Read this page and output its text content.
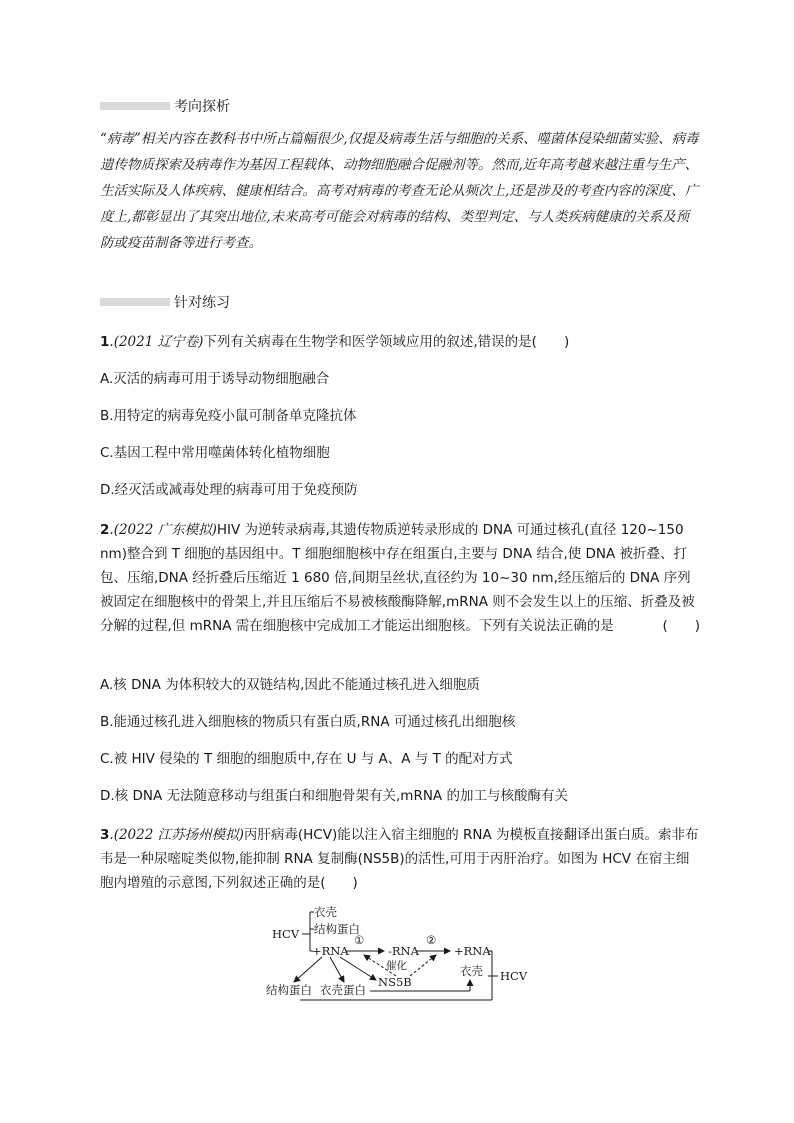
考向探析

“病毒”相关内容在教科书中所占篇幅很少,仅提及病毒生活与细胞的关系、噬菌体侵染细菌实验、病毒遗传物质探索及病毒作为基因工程载体、动物细胞融合促融剂等。然而,近年高考越来越注重与生产、生活实际及人体疾病、健康相结合。高考对病毒的考查无论从频次上,还是涉及的考查内容的深度、广度上,都彰显出了其突出地位,未来高考可能会对病毒的结构、类型判定、与人类疾病健康的关系及预防或疫苗制备等进行考查。

针对练习

1.(2021 辽宁卷)下列有关病毒在生物学和医学领域应用的叙述,错误的是(　　)

A.灭活的病毒可用于诱导动物细胞融合
B.用特定的病毒免疫小鼠可制备单克隆抗体
C.基因工程中常用噬菌体转化植物细胞
D.经灭活或减毒处理的病毒可用于免疫预防

2.(2022 广东模拟)HIV 为逆转录病毒,其遗传物质逆转录形成的 DNA 可通过核孔(直径 120~150 nm)整合到 T 细胞的基因组中。T 细胞细胞核中存在组蛋白,主要与 DNA 结合,使 DNA 被折叠、打包、压缩,DNA 经折叠后压缩近 1 680 倍,间期呈丝状,直径约为 10~30 nm,经压缩后的 DNA 序列被固定在细胞核中的骨架上,并且压缩后不易被核酸酶降解,mRNA 则不会发生以上的压缩、折叠及被分解的过程,但 mRNA 需在细胞核中完成加工才能运出细胞核。下列有关说法正确的是	(　　)

A.核 DNA 为体积较大的双链结构,因此不能通过核孔进入细胞质
B.能通过核孔进入细胞核的物质只有蛋白质,RNA 可通过核孔出细胞核
C.被 HIV 侵染的 T 细胞的细胞质中,存在 U 与 A、A 与 T 的配对方式
D.核 DNA 无法随意移动与组蛋白和细胞骨架有关,mRNA 的加工与核酸酶有关

3.(2022 江苏扬州模拟)丙肝病毒(HCV)能以注入宿主细胞的 RNA 为模板直接翻译出蛋白质。索非布韦是一种尿嘧啶类似物,能抑制 RNA 复制酶(NS5B)的活性,可用于丙肝治疗。如图为 HCV 在宿主细胞内增殖的示意图,下列叙述正确的是(　　)

HCV
衣壳
结构蛋白
+RNA	-RNA	+RNA
①	②
催化
NS5B
衣壳 HCV
结构蛋白 衣壳蛋白
